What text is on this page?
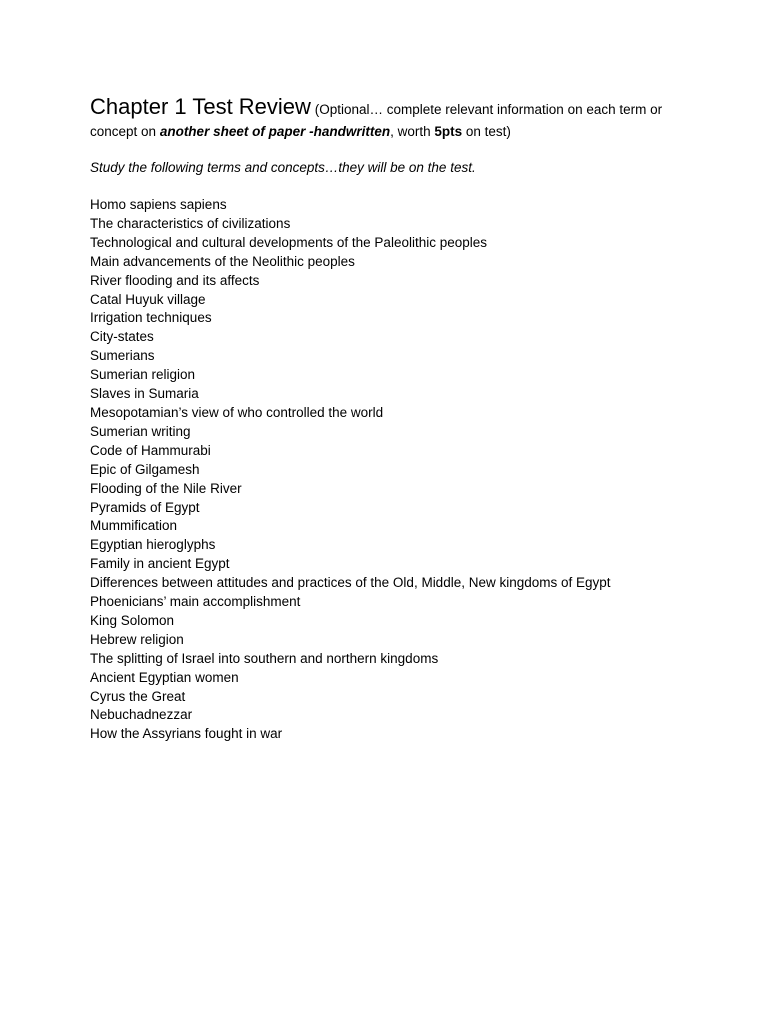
Chapter 1 Test Review (Optional… complete relevant information on each term or concept on another sheet of paper -handwritten, worth 5pts on test)

Study the following terms and concepts…they will be on the test.

Homo sapiens sapiens
The characteristics of civilizations
Technological and cultural developments of the Paleolithic peoples
Main advancements of the Neolithic peoples
River flooding and its affects
Catal Huyuk village
Irrigation techniques
City-states
Sumerians
Sumerian religion
Slaves in Sumaria
Mesopotamian’s view of who controlled the world
Sumerian writing
Code of Hammurabi
Epic of Gilgamesh
Flooding of the Nile River
Pyramids of Egypt
Mummification
Egyptian hieroglyphs
Family in ancient Egypt
Differences between attitudes and practices of the Old, Middle, New kingdoms of Egypt
Phoenicians’ main accomplishment
King Solomon
Hebrew religion
The splitting of Israel into southern and northern kingdoms
Ancient Egyptian women
Cyrus the Great
Nebuchadnezzar
How the Assyrians fought in war
